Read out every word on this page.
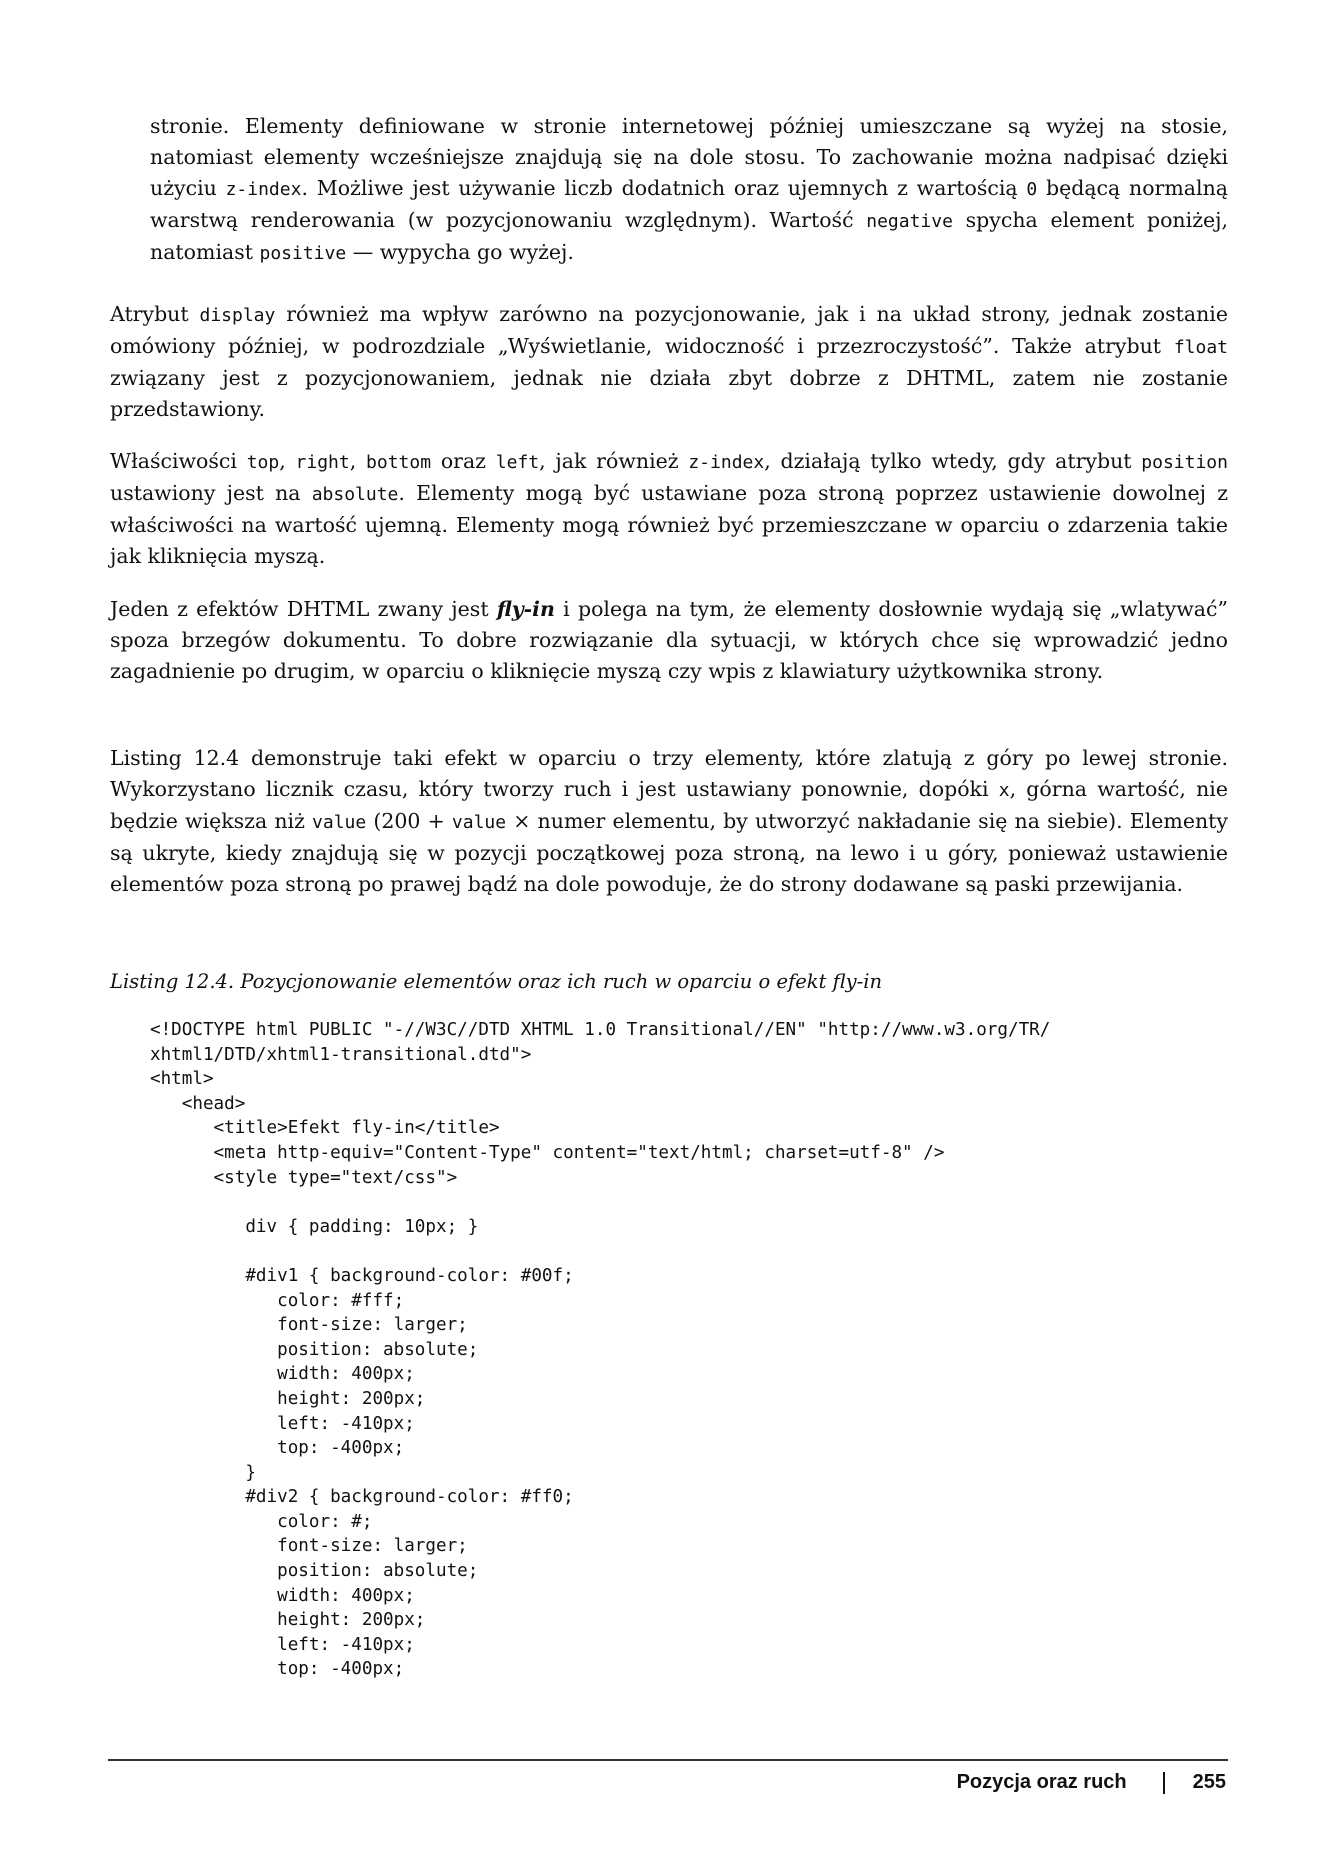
stronie. Elementy definiowane w stronie internetowej później umieszczane są wyżej na stosie, natomiast elementy wcześniejsze znajdują się na dole stosu. To zachowanie można nadpisać dzięki użyciu z-index. Możliwe jest używanie liczb dodatnich oraz ujemnych z wartością 0 będącą normalną warstwą renderowania (w pozycjonowaniu względnym). Wartość negative spycha element poniżej, natomiast positive — wypycha go wyżej.

Atrybut display również ma wpływ zarówno na pozycjonowanie, jak i na układ strony, jednak zostanie omówiony później, w podrozdziale „Wyświetlanie, widoczność i przezroczystość”. Także atrybut float związany jest z pozycjonowaniem, jednak nie działa zbyt dobrze z DHTML, zatem nie zostanie przedstawiony.

Właściwości top, right, bottom oraz left, jak również z-index, działają tylko wtedy, gdy atrybut position ustawiony jest na absolute. Elementy mogą być ustawiane poza stroną poprzez ustawienie dowolnej z właściwości na wartość ujemną. Elementy mogą również być przemieszczane w oparciu o zdarzenia takie jak kliknięcia myszą.

Jeden z efektów DHTML zwany jest fly-in i polega na tym, że elementy dosłownie wydają się „wlatywać” spoza brzegów dokumentu. To dobre rozwiązanie dla sytuacji, w których chce się wprowadzić jedno zagadnienie po drugim, w oparciu o kliknięcie myszą czy wpis z klawiatury użytkownika strony.

Listing 12.4 demonstruje taki efekt w oparciu o trzy elementy, które zlatują z góry po lewej stronie. Wykorzystano licznik czasu, który tworzy ruch i jest ustawiany ponownie, dopóki x, górna wartość, nie będzie większa niż value (200 + value × numer elementu, by utworzyć nakładanie się na siebie). Elementy są ukryte, kiedy znajdują się w pozycji początkowej poza stroną, na lewo i u góry, ponieważ ustawienie elementów poza stroną po prawej bądź na dole powoduje, że do strony dodawane są paski przewijania.

Listing 12.4. Pozycjonowanie elementów oraz ich ruch w oparciu o efekt fly-in

<!DOCTYPE html PUBLIC "-//W3C//DTD XHTML 1.0 Transitional//EN" "http://www.w3.org/TR/
xhtml1/DTD/xhtml1-transitional.dtd">
<html>
<head>
<title>Efekt fly-in</title>
<meta http-equiv="Content-Type" content="text/html; charset=utf-8" />
<style type="text/css">

div { padding: 10px; }

#div1 { background-color: #00f;
color: #fff;
font-size: larger;
position: absolute;
width: 400px;
height: 200px;
left: -410px;
top: -400px;
}
#div2 { background-color: #ff0;
color: #;
font-size: larger;
position: absolute;
width: 400px;
height: 200px;
left: -410px;
top: -400px;
Pozycja oraz ruch	255
